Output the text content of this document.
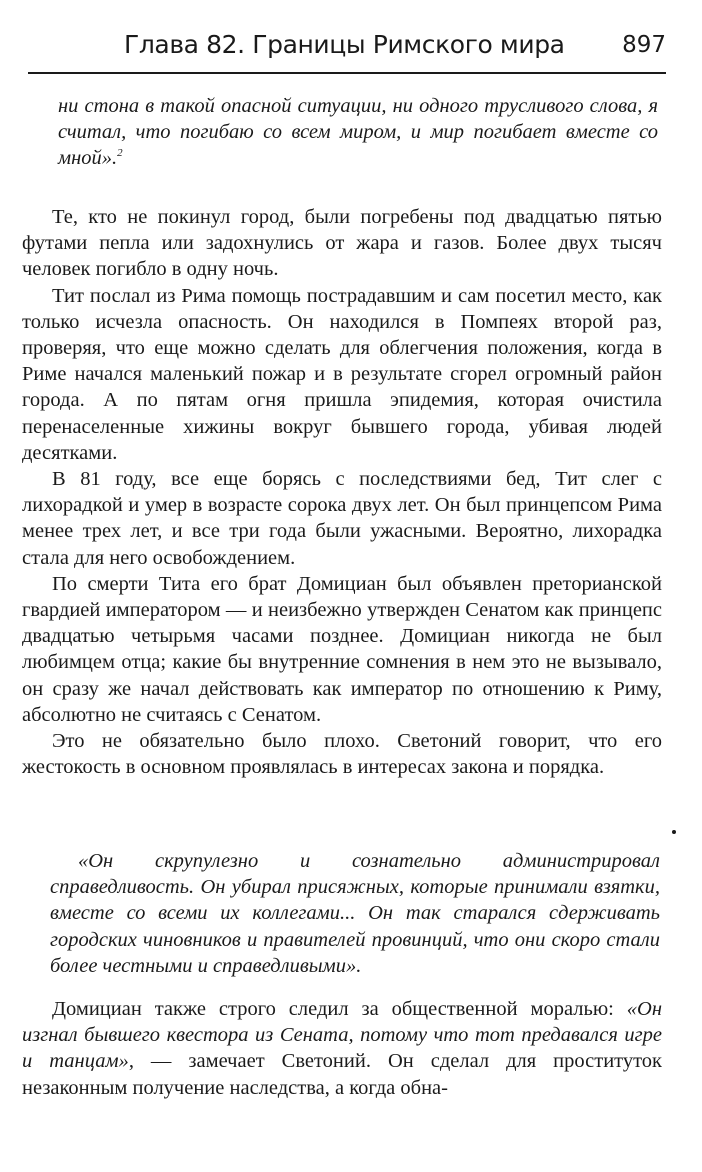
Глава 82. Границы Римского мира	897

ни стона в такой опасной ситуации, ни одного трусливого слова, я считал, что погибаю со всем миром, и мир погибает вместе со мной».$^2$

Те, кто не покинул город, были погребены под двадцатью пятью футами пепла или задохнулись от жара и газов. Более двух тысяч человек погибло в одну ночь.

Тит послал из Рима помощь пострадавшим и сам посетил место, как только исчезла опасность. Он находился в Помпеях второй раз, проверяя, что еще можно сделать для облегчения положения, когда в Риме начался маленький пожар и в результате сгорел огромный район города. А по пятам огня пришла эпидемия, которая очистила перенаселенные хижины вокруг бывшего города, убивая людей десятками.

В 81 году, все еще борясь с последствиями бед, Тит слег с лихорадкой и умер в возрасте сорока двух лет. Он был принцепсом Рима менее трех лет, и все три года были ужасными. Вероятно, лихорадка стала для него освобождением.

По смерти Тита его брат Домициан был объявлен преторианской гвардией императором — и неизбежно утвержден Сенатом как принцепс двадцатью четырьмя часами позднее. Домициан никогда не был любимцем отца; какие бы внутренние сомнения в нем это не вызывало, он сразу же начал действовать как император по отношению к Риму, абсолютно не считаясь с Сенатом.

Это не обязательно было плохо. Светоний говорит, что его жестокость в основном проявлялась в интересах закона и порядка.

«Он скрупулезно и сознательно администрировал справедливость. Он убирал присяжных, которые принимали взятки, вместе со всеми их коллегами... Он так старался сдерживать городских чиновников и правителей провинций, что они скоро стали более честными и справедливыми».

Домициан также строго следил за общественной моралью: «Он изгнал бывшего квестора из Сената, потому что тот предавался игре и танцам», — замечает Светоний. Он сделал для проституток незаконным получение наследства, а когда обна-
